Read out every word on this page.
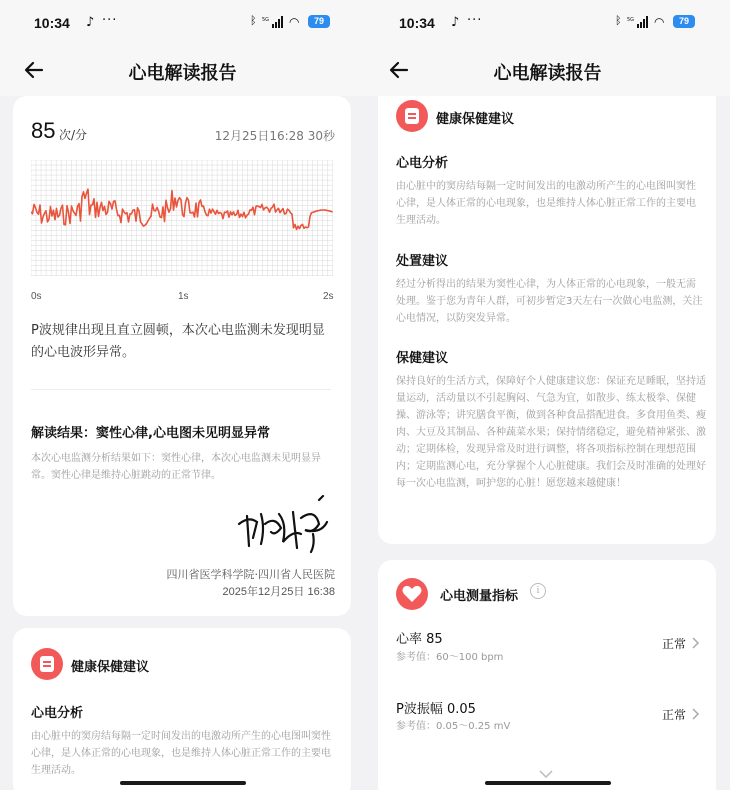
10:34 ♪ ···	ᛒ 5G ◠	79
心电解读报告
85 次/分	12月25日16:28 30秒
0s	1s	2s
P波规律出现且直立圆顿，本次心电监测未发现明显的心电波形异常。
解读结果：窦性心律,心电图未见明显异常
本次心电监测分析结果如下：窦性心律，本次心电监测未见明显异常。窦性心律是维持心脏跳动的正常节律。
四川省医学科学院·四川省人民医院
2025年12月25日 16:38
健康保健建议
心电分析
由心脏中的窦房结每隔一定时间发出的电激动所产生的心电图叫窦性心律，是人体正常的心电现象，也是维持人体心脏正常工作的主要电生理活动。
10:34 ♪ ···	ᛒ 5G ◠	79
心电解读报告
健康保健建议
心电分析
由心脏中的窦房结每隔一定时间发出的电激动所产生的心电图叫窦性心律，是人体正常的心电现象，也是维持人体心脏正常工作的主要电生理活动。
处置建议
经过分析得出的结果为窦性心律，为人体正常的心电现象，一般无需处理。鉴于您为青年人群，可初步暂定3天左右一次做心电监测，关注心电情况，以防突发异常。
保健建议
保持良好的生活方式，保障好个人健康建议您：保证充足睡眠，坚持适量运动，活动量以不引起胸闷、气急为宜，如散步、练太极拳、保健操、游泳等；讲究膳食平衡，做到各种食品搭配进食。多食用鱼类、瘦肉、大豆及其制品、各种蔬菜水果；保持情绪稳定，避免精神紧张、激动；定期体检，发现异常及时进行调整，将各项指标控制在理想范围内；定期监测心电，充分掌握个人心脏健康。我们会及时准确的处理好每一次心电监测，呵护您的心脏！愿您越来越健康！
心电测量指标	i
心率 85
参考值：60～100 bpm
正常
P波振幅 0.05
参考值：0.05～0.25 mV
正常
